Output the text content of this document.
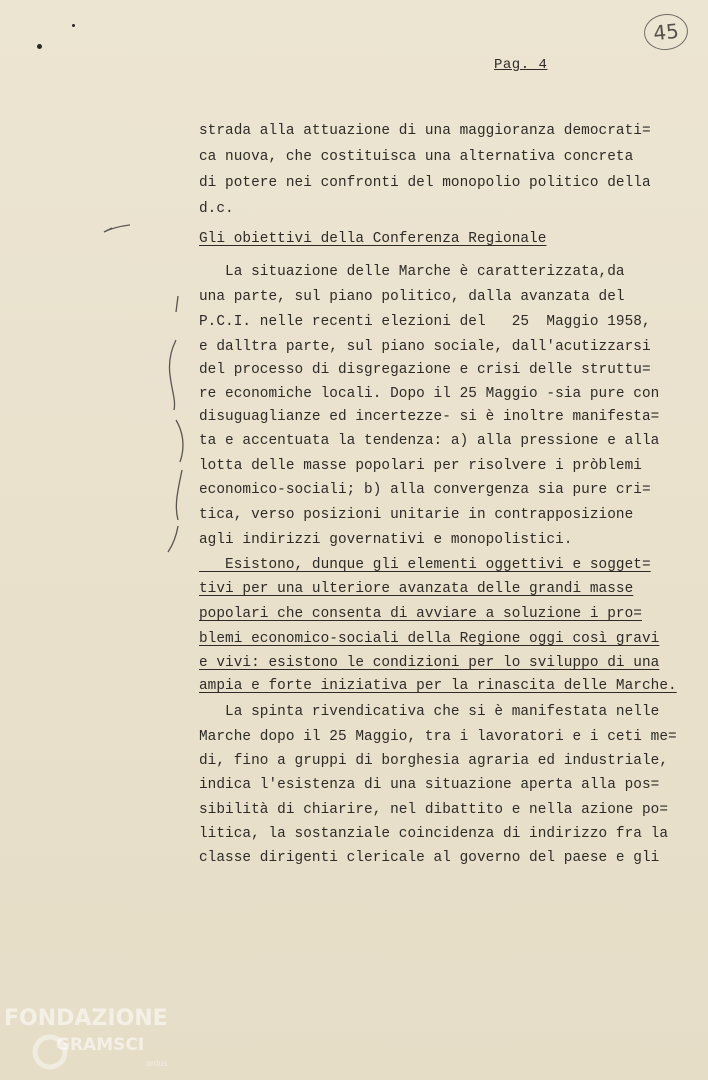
45
Pag. 4
strada alla attuazione di una maggioranza democrati=
ca nuova, che costituisca una alternativa concreta
di potere nei confronti del monopolio politico della
d.c.
Gli obiettivi della Conferenza Regionale
La situazione delle Marche è caratterizzata,da
una parte, sul piano politico, dalla avanzata del
P.C.I. nelle recenti elezioni del   25  Maggio 1958,
e dalltra parte, sul piano sociale, dall'acutizzarsi
del processo di disgregazione e crisi delle struttu=
re economiche locali. Dopo il 25 Maggio -sia pure con
disuguaglianze ed incertezze- si è inoltre manifesta=
ta e accentuata la tendenza: a) alla pressione e alla
lotta delle masse popolari per risolvere i pròblemi
economico-sociali; b) alla convergenza sia pure cri=
tica, verso posizioni unitarie in contrapposizione
agli indirizzi governativi e monopolistici.
Esistono, dunque gli elementi oggettivi e sogget=
tivi per una ulteriore avanzata delle grandi masse
popolari che consenta di avviare a soluzione i pro=
blemi economico-sociali della Regione oggi così gravi
e vivi: esistono le condizioni per lo sviluppo di una
ampia e forte iniziativa per la rinascita delle Marche.
La spinta rivendicativa che si è manifestata nelle
Marche dopo il 25 Maggio, tra i lavoratori e i ceti me=
di, fino a gruppi di borghesia agraria ed industriale,
indica l'esistenza di una situazione aperta alla pos=
sibilità di chiarire, nel dibattito e nella azione po=
litica, la sostanziale coincidenza di indirizzo fra la
classe dirigenti clericale al governo del paese e gli
FONDAZIONE
GRAMSCI
onlus
